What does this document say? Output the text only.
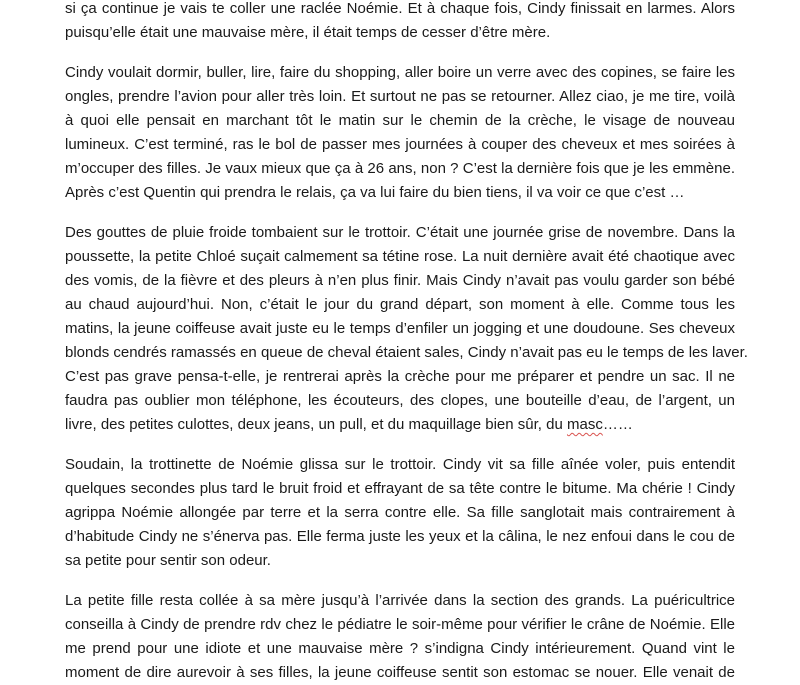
si ça continue je vais te coller une raclée Noémie. Et à chaque fois, Cindy finissait en larmes. Alors
puisqu’elle était une mauvaise mère, il était temps de cesser d’être mère.
Cindy voulait dormir, buller, lire, faire du shopping, aller boire un verre avec des copines, se faire les
ongles, prendre l’avion pour aller très loin. Et surtout ne pas se retourner. Allez ciao, je me tire, voilà
à quoi elle pensait en marchant tôt le matin sur le chemin de la crèche, le visage de nouveau
lumineux. C’est terminé, ras le bol de passer mes journées à couper des cheveux et mes soirées à
m’occuper des filles. Je vaux mieux que ça à 26 ans, non ? C’est la dernière fois que je les emmène.
Après c’est Quentin qui prendra le relais, ça va lui faire du bien tiens, il va voir ce que c’est …
Des gouttes de pluie froide tombaient sur le trottoir. C’était une journée grise de novembre. Dans la
poussette, la petite Chloé suçait calmement sa tétine rose. La nuit dernière avait été chaotique avec
des vomis, de la fièvre et des pleurs à n’en plus finir. Mais Cindy n’avait pas voulu garder son bébé
au chaud aujourd’hui. Non, c’était le jour du grand départ, son moment à elle. Comme tous les
matins, la jeune coiffeuse avait juste eu le temps d’enfiler un jogging et une doudoune. Ses cheveux
blonds cendrés ramassés en queue de cheval étaient sales, Cindy n’avait pas eu le temps de les laver.
C’est pas grave pensa-t-elle, je rentrerai après la crèche pour me préparer et pendre un sac. Il ne
faudra pas oublier mon téléphone, les écouteurs, des clopes, une bouteille d’eau, de l’argent, un
livre, des petites culottes, deux jeans, un pull, et du maquillage bien sûr, du masc……
Soudain, la trottinette de Noémie glissa sur le trottoir. Cindy vit sa fille aînée voler, puis entendit
quelques secondes plus tard le bruit froid et effrayant de sa tête contre le bitume. Ma chérie ! Cindy
agrippa Noémie allongée par terre et la serra contre elle. Sa fille sanglotait mais contrairement à
d’habitude Cindy ne s’énerva pas. Elle ferma juste les yeux et la câlina, le nez enfoui dans le cou de
sa petite pour sentir son odeur.
La petite fille resta collée à sa mère jusqu’à l’arrivée dans la section des grands. La puéricultrice
conseilla à Cindy de prendre rdv chez le pédiatre le soir-même pour vérifier le crâne de Noémie. Elle
me prend pour une idiote et une mauvaise mère ? s’indigna Cindy intérieurement. Quand vint le
moment de dire aurevoir à ses filles, la jeune coiffeuse sentit son estomac se nouer. Elle venait de
